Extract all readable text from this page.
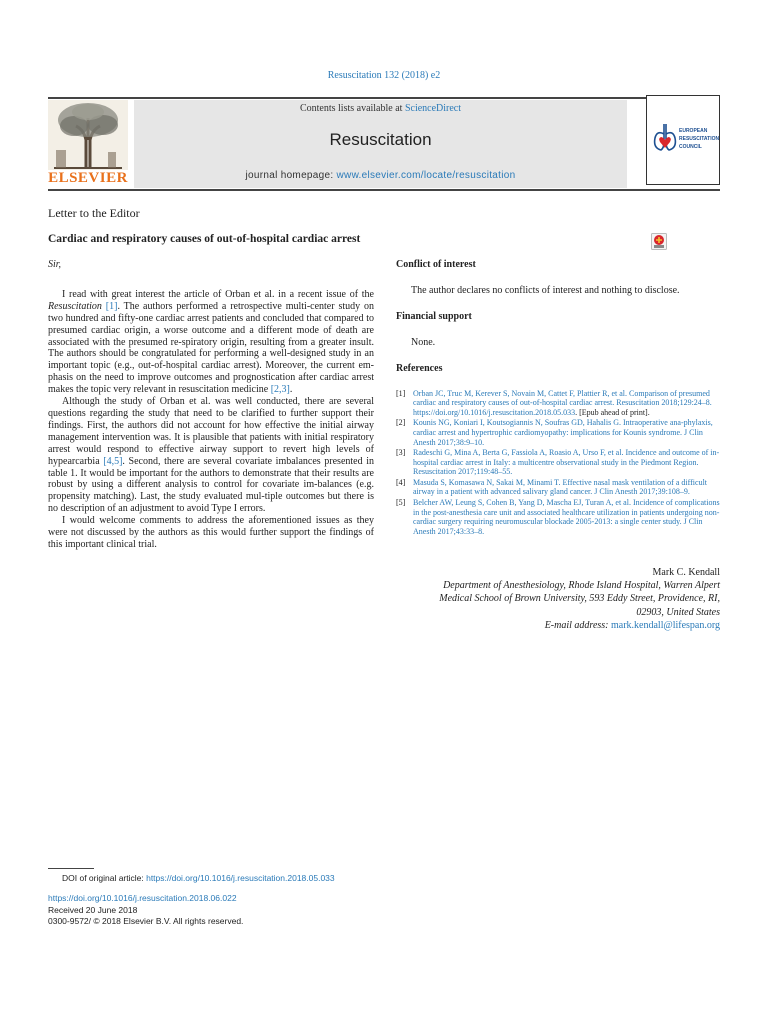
Resuscitation 132 (2018) e2
ELSEVIER
Contents lists available at ScienceDirect
Resuscitation
journal homepage: www.elsevier.com/locate/resuscitation
EUROPEAN
RESUSCITATION
COUNCIL
Letter to the Editor
Cardiac and respiratory causes of out-of-hospital cardiac arrest

Sir,

I read with great interest the article of Orban et al. in a recent issue of the Resuscitation [1]. The authors performed a retrospective multi-center study on two hundred and fifty-one cardiac arrest patients and concluded that compared to presumed cardiac origin, a worse outcome and a different mode of death are associated with the presumed re-spiratory origin, resulting from a greater insult. The authors should be congratulated for performing a well-designed study in an important topic (e.g., out-of-hospital cardiac arrest). Moreover, the current em-phasis on the need to improve outcomes and prognostication after cardiac arrest makes the topic very relevant in resuscitation medicine [2,3].

Although the study of Orban et al. was well conducted, there are several questions regarding the study that need to be clarified to further support their findings. First, the authors did not account for how effective the initial airway management intervention was. It is plausible that patients with initial respiratory arrest would respond to effective airway support to revert high levels of hypearcarbia [4,5]. Second, there are several covariate imbalances presented in table 1. It would be important for the authors to demonstrate that their results are robust by using a different analysis to control for covariate im-balances (e.g. propensity matching). Last, the study evaluated mul-tiple outcomes but there is no description of an adjustment to avoid Type I errors.

I would welcome comments to address the aforementioned issues as they were not discussed by the authors as this would further support the findings of this important clinical trial.

Conflict of interest
The author declares no conflicts of interest and nothing to disclose.
Financial support
None.
References
[1] Orban JC, Truc M, Kerever S, Novain M, Cattet F, Plattier R, et al. Comparison of presumed cardiac and respiratory causes of out-of-hospital cardiac arrest. Resuscitation 2018;129:24–8. https://doi.org/10.1016/j.resuscitation.2018.05.033. [Epub ahead of print].
[2] Kounis NG, Koniari I, Koutsogiannis N, Soufras GD, Hahalis G. Intraoperative ana-phylaxis, cardiac arrest and hypertrophic cardiomyopathy: implications for Kounis syndrome. J Clin Anesth 2017;38:9–10.
[3] Radeschi G, Mina A, Berta G, Fassiola A, Roasio A, Urso F, et al. Incidence and outcome of in-hospital cardiac arrest in Italy: a multicentre observational study in the Piedmont Region. Resuscitation 2017;119:48–55.
[4] Masuda S, Komasawa N, Sakai M, Minami T. Effective nasal mask ventilation of a difficult airway in a patient with advanced salivary gland cancer. J Clin Anesth 2017;39:108–9.
[5] Belcher AW, Leung S, Cohen B, Yang D, Mascha EJ, Turan A, et al. Incidence of complications in the post-anesthesia care unit and associated healthcare utilization in patients undergoing non-cardiac surgery requiring neuromuscular blockade 2005-2013: a single center study. J Clin Anesth 2017;43:33–8.
Mark C. Kendall
Department of Anesthesiology, Rhode Island Hospital, Warren Alpert
Medical School of Brown University, 593 Eddy Street, Providence, RI,
02903, United States
E-mail address: mark.kendall@lifespan.org
DOI of original article: https://doi.org/10.1016/j.resuscitation.2018.05.033
https://doi.org/10.1016/j.resuscitation.2018.06.022
Received 20 June 2018
0300-9572/ © 2018 Elsevier B.V. All rights reserved.
